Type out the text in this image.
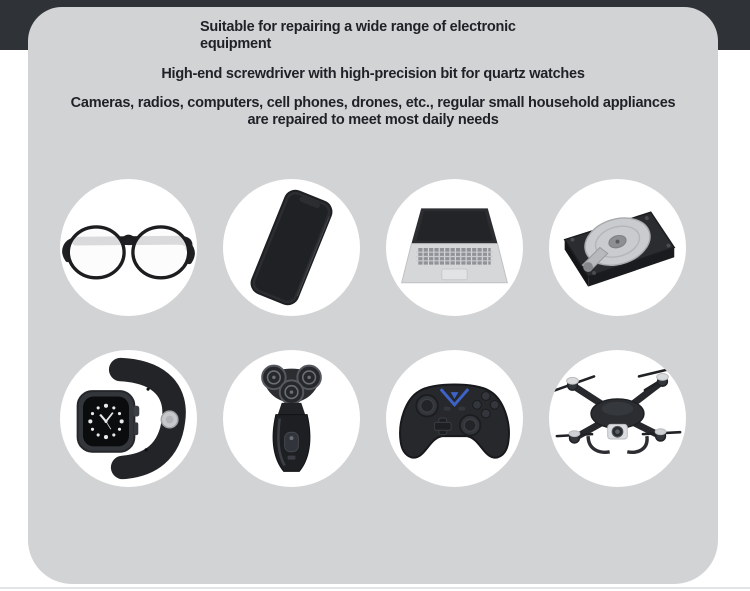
Suitable for repairing a wide range of electronic equipment

High-end screwdriver with high-precision bit for quartz watches

Cameras, radios, computers, cell phones, drones, etc., regular small household appliances are repaired to meet most daily needs
